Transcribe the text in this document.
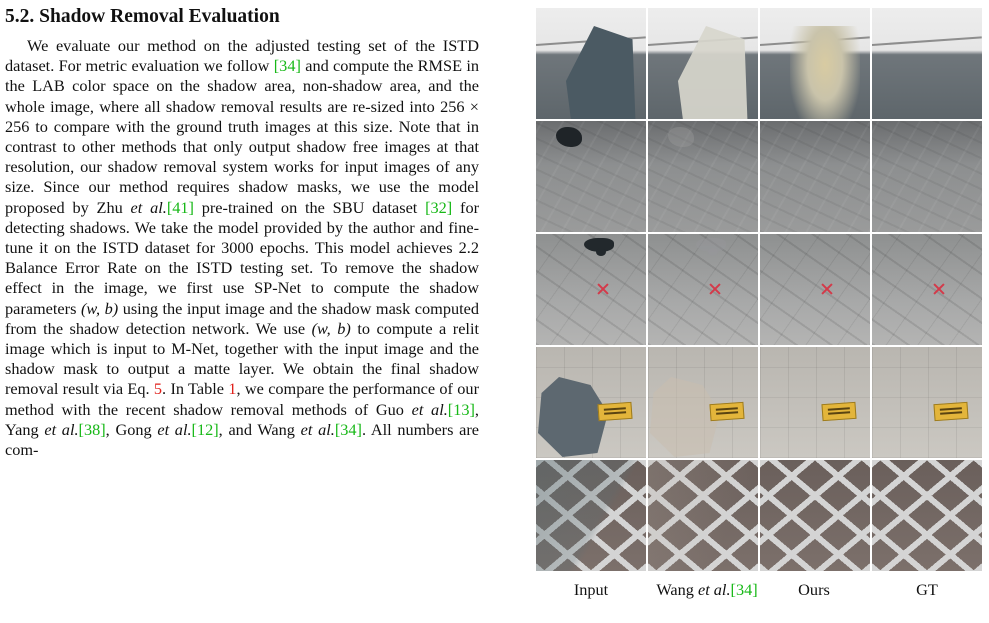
5.2. Shadow Removal Evaluation

We evaluate our method on the adjusted testing set of the ISTD dataset. For metric evaluation we follow [34] and compute the RMSE in the LAB color space on the shadow area, non-shadow area, and the whole image, where all shadow removal results are re-sized into 256 × 256 to compare with the ground truth images at this size. Note that in contrast to other methods that only output shadow free images at that resolution, our shadow removal system works for input images of any size. Since our method requires shadow masks, we use the model proposed by Zhu et al.[41] pre-trained on the SBU dataset [32] for detecting shadows. We take the model provided by the author and fine-tune it on the ISTD dataset for 3000 epochs. This model achieves 2.2 Balance Error Rate on the ISTD testing set. To remove the shadow effect in the image, we first use SP-Net to compute the shadow parameters (w, b) using the input image and the shadow mask computed from the shadow detection network. We use (w, b) to compute a relit image which is input to M-Net, together with the input image and the shadow mask to output a matte layer. We obtain the final shadow removal result via Eq. 5. In Table 1, we compare the performance of our method with the recent shadow removal methods of Guo et al.[13], Yang et al.[38], Gong et al.[12], and Wang et al.[34]. All numbers are com-

Input	Wang et al.[34]	Ours	GT
